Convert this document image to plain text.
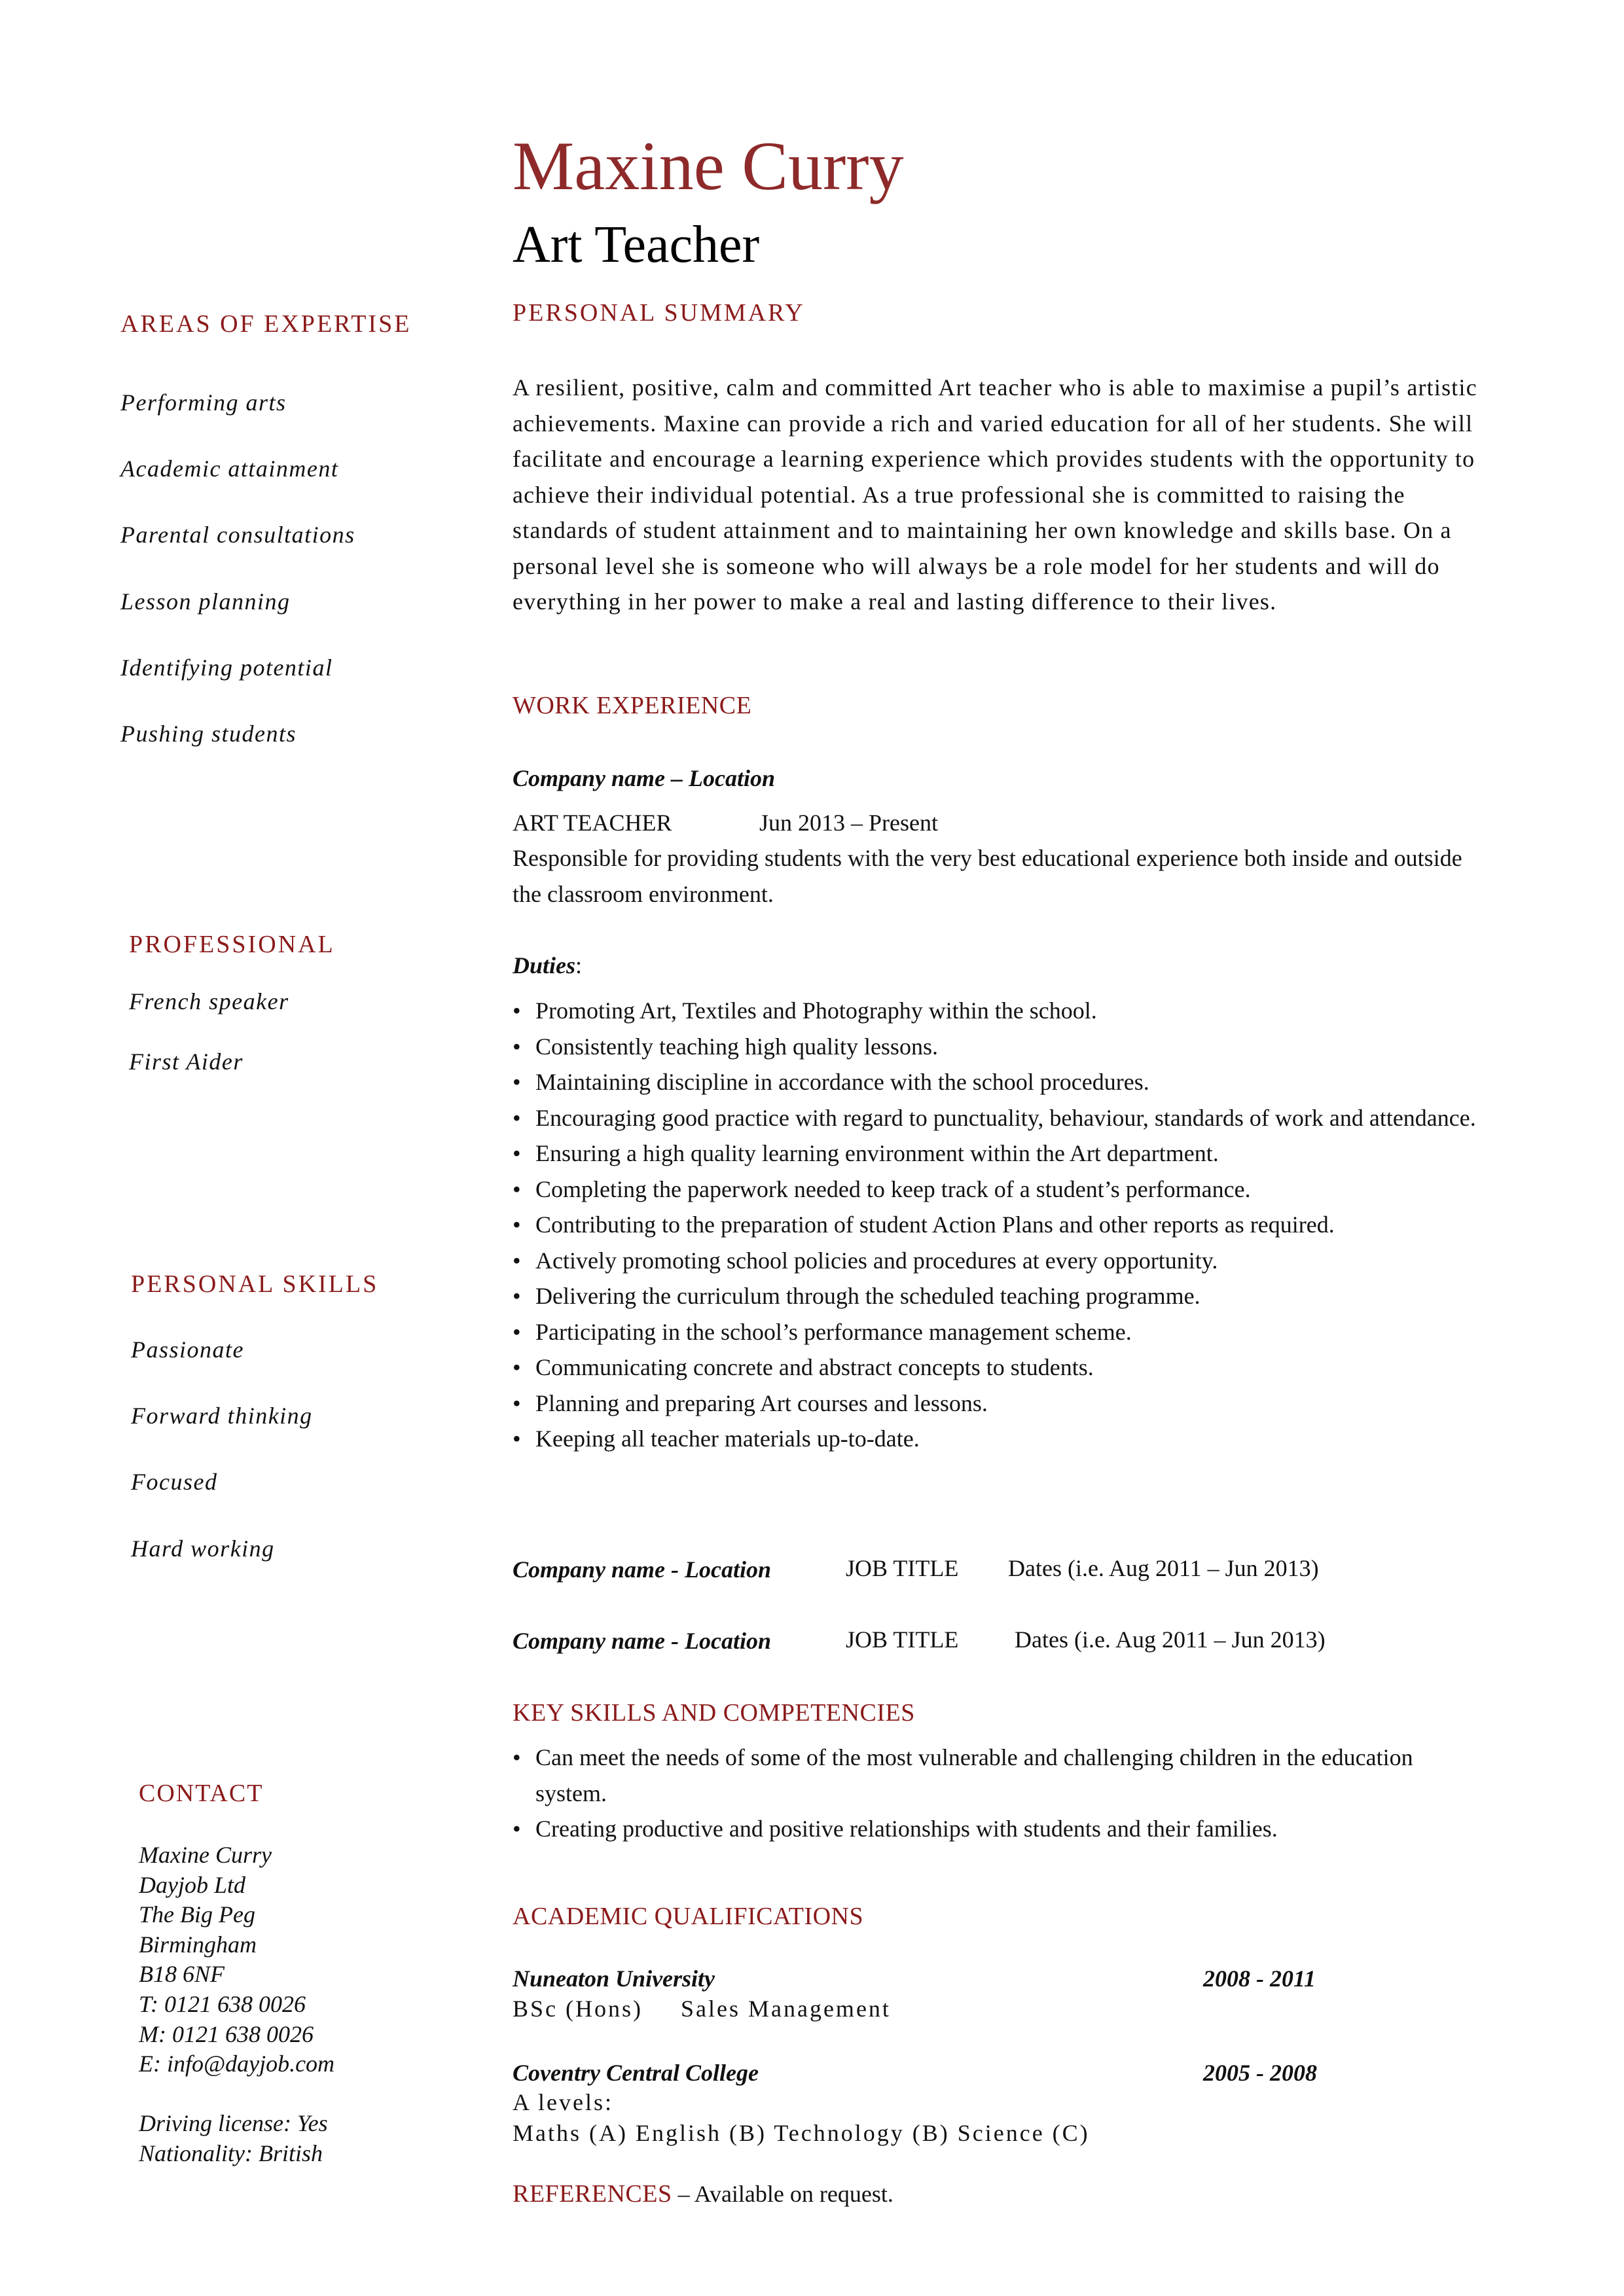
Maxine Curry
Art Teacher
AREAS OF EXPERTISE
Performing arts
Academic attainment
Parental consultations
Lesson planning
Identifying potential
Pushing students
PROFESSIONAL
French speaker
First Aider
PERSONAL SKILLS
Passionate
Forward thinking
Focused
Hard working
CONTACT
Maxine Curry
Dayjob Ltd
The Big Peg
Birmingham
B18 6NF
T: 0121 638 0026
M: 0121 638 0026
E: info@dayjob.com
Driving license: Yes
Nationality: British
PERSONAL SUMMARY

A resilient, positive, calm and committed Art teacher who is able to maximise a pupil’s artistic achievements. Maxine can provide a rich and varied education for all of her students. She will facilitate and encourage a learning experience which provides students with the opportunity to achieve their individual potential. As a true professional she is committed to raising the standards of student attainment and to maintaining her own knowledge and skills base. On a personal level she is someone who will always be a role model for her students and will do everything in her power to make a real and lasting difference to their lives.

WORK EXPERIENCE
Company name – Location
ART TEACHER	Jun 2013 – Present
Responsible for providing students with the very best educational experience both inside and outside the classroom environment.
Duties:
• Promoting Art, Textiles and Photography within the school.
• Consistently teaching high quality lessons.
• Maintaining discipline in accordance with the school procedures.
• Encouraging good practice with regard to punctuality, behaviour, standards of work and attendance.
• Ensuring a high quality learning environment within the Art department.
• Completing the paperwork needed to keep track of a student’s performance.
• Contributing to the preparation of student Action Plans and other reports as required.
• Actively promoting school policies and procedures at every opportunity.
• Delivering the curriculum through the scheduled teaching programme.
• Participating in the school’s performance management scheme.
• Communicating concrete and abstract concepts to students.
• Planning and preparing Art courses and lessons.
• Keeping all teacher materials up-to-date.
Company name - Location	JOB TITLE Dates (i.e. Aug 2011 – Jun 2013)
Company name - Location	JOB TITLE Dates (i.e. Aug 2011 – Jun 2013)
KEY SKILLS AND COMPETENCIES
• Can meet the needs of some of the most vulnerable and challenging children in the education system.
• Creating productive and positive relationships with students and their families.
ACADEMIC QUALIFICATIONS
Nuneaton University	2008 - 2011
BSc (Hons) Sales Management
Coventry Central College	2005 - 2008
A levels:
Maths (A) English (B) Technology (B) Science (C)
REFERENCES – Available on request.
